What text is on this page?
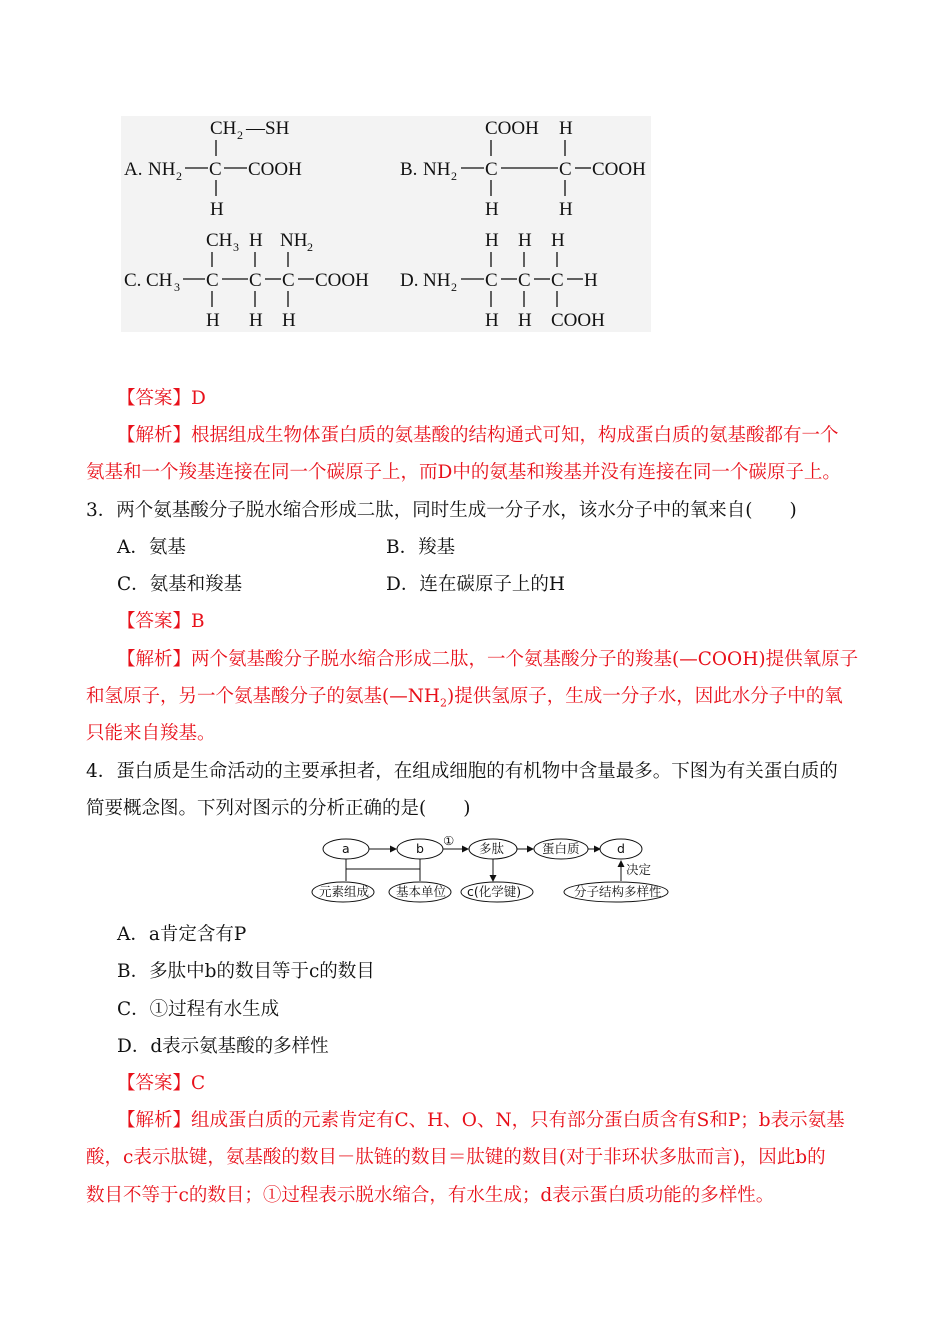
A. NH 2 C COOH
CH 2 —SH
H
B. NH 2 C	C COOH
COOH H
H	H
C. CH 3 C C C COOH
CH 3 H NH 2
H H H
D. NH 2 C C C H
H H H
H H COOH
【答案】D
【解析】根据组成生物体蛋白质的氨基酸的结构通式可知，构成蛋白质的氨基酸都有一个
氨基和一个羧基连接在同一个碳原子上，而D中的氨基和羧基并没有连接在同一个碳原子上。
3．两个氨基酸分子脱水缩合形成二肽，同时生成一分子水，该水分子中的氧来自(　　)
A．氨基	B．羧基
C．氨基和羧基	D．连在碳原子上的H
【答案】B
【解析】两个氨基酸分子脱水缩合形成二肽，一个氨基酸分子的羧基(—COOH)提供氧原子
和氢原子，另一个氨基酸分子的氨基$(—NH_2)$提供氢原子，生成一分子水，因此水分子中的氧
只能来自羧基。
4．蛋白质是生命活动的主要承担者，在组成细胞的有机物中含量最多。下图为有关蛋白质的
简要概念图。下列对图示的分析正确的是(　　)
a	b
①
多肽	蛋白质	d
元素组成 基本单位 c(化学键)
决定
分子结构多样性
A．a肯定含有P
B．多肽中b的数目等于c的数目
C．①过程有水生成
D．d表示氨基酸的多样性
【答案】C
【解析】组成蛋白质的元素肯定有C、H、O、N，只有部分蛋白质含有S和P；b表示氨基
酸，c表示肽键，氨基酸的数目－肽链的数目＝肽键的数目(对于非环状多肽而言)，因此b的
数目不等于c的数目；①过程表示脱水缩合，有水生成；d表示蛋白质功能的多样性。
